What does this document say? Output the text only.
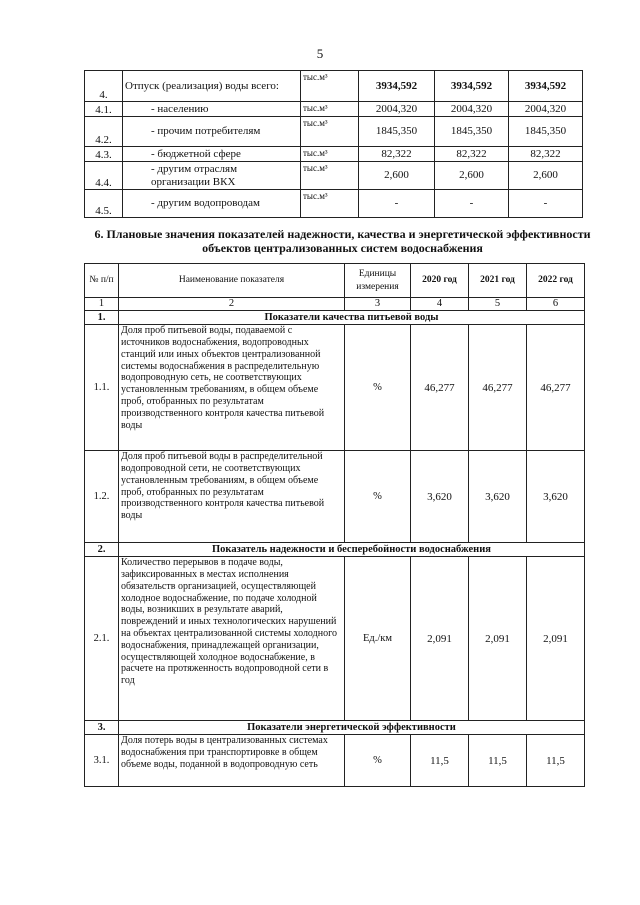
5
4.	Отпуск (реализация) воды всего:	тыс.м³	3934,592	3934,592	3934,592
4.1.	- населению	тыс.м³	2004,320	2004,320	2004,320
4.2.	- прочим потребителям	тыс.м³	1845,350	1845,350	1845,350
4.3.	- бюджетной сфере	тыс.м³	82,322	82,322	82,322
4.4.	- другим отраслям организации ВКХ	тыс.м³	2,600	2,600	2,600
4.5.	- другим водопроводам	тыс.м³	-	-	-
6. Плановые значения показателей надежности, качества и энергетической эффективности объектов централизованных систем водоснабжения
№ п/п	Наименование показателя	Единицы измерения	2020 год	2021 год	2022 год
1	2	3	4	5	6
1.	Показатели качества питьевой воды				
1.1.	Доля проб питьевой воды, подаваемой с источников водоснабжения, водопроводных станций или иных объектов централизованной системы водоснабжения в распределительную водопроводную сеть, не соответствующих установленным требованиям, в общем объеме проб, отобранных по результатам производственного контроля качества питьевой воды	%	46,277	46,277	46,277
1.2.	Доля проб питьевой воды в распределительной водопроводной сети, не соответствующих установленным требованиям, в общем объеме проб, отобранных по результатам производственного контроля качества питьевой воды	%	3,620	3,620	3,620
2.	Показатель надежности и бесперебойности водоснабжения				
2.1.	Количество перерывов в подаче воды, зафиксированных в местах исполнения обязательств организацией, осуществляющей холодное водоснабжение, по подаче холодной воды, возникших в результате аварий, повреждений и иных технологических нарушений на объектах централизованной системы холодного водоснабжения, принадлежащей организации, осуществляющей холодное водоснабжение, в расчете на протяженность водопроводной сети в год	Ед./км	2,091	2,091	2,091
3.	Показатели энергетической эффективности				
3.1.	Доля потерь воды в централизованных системах водоснабжения при транспортировке в общем объеме воды, поданной в водопроводную сеть	%	11,5	11,5	11,5
